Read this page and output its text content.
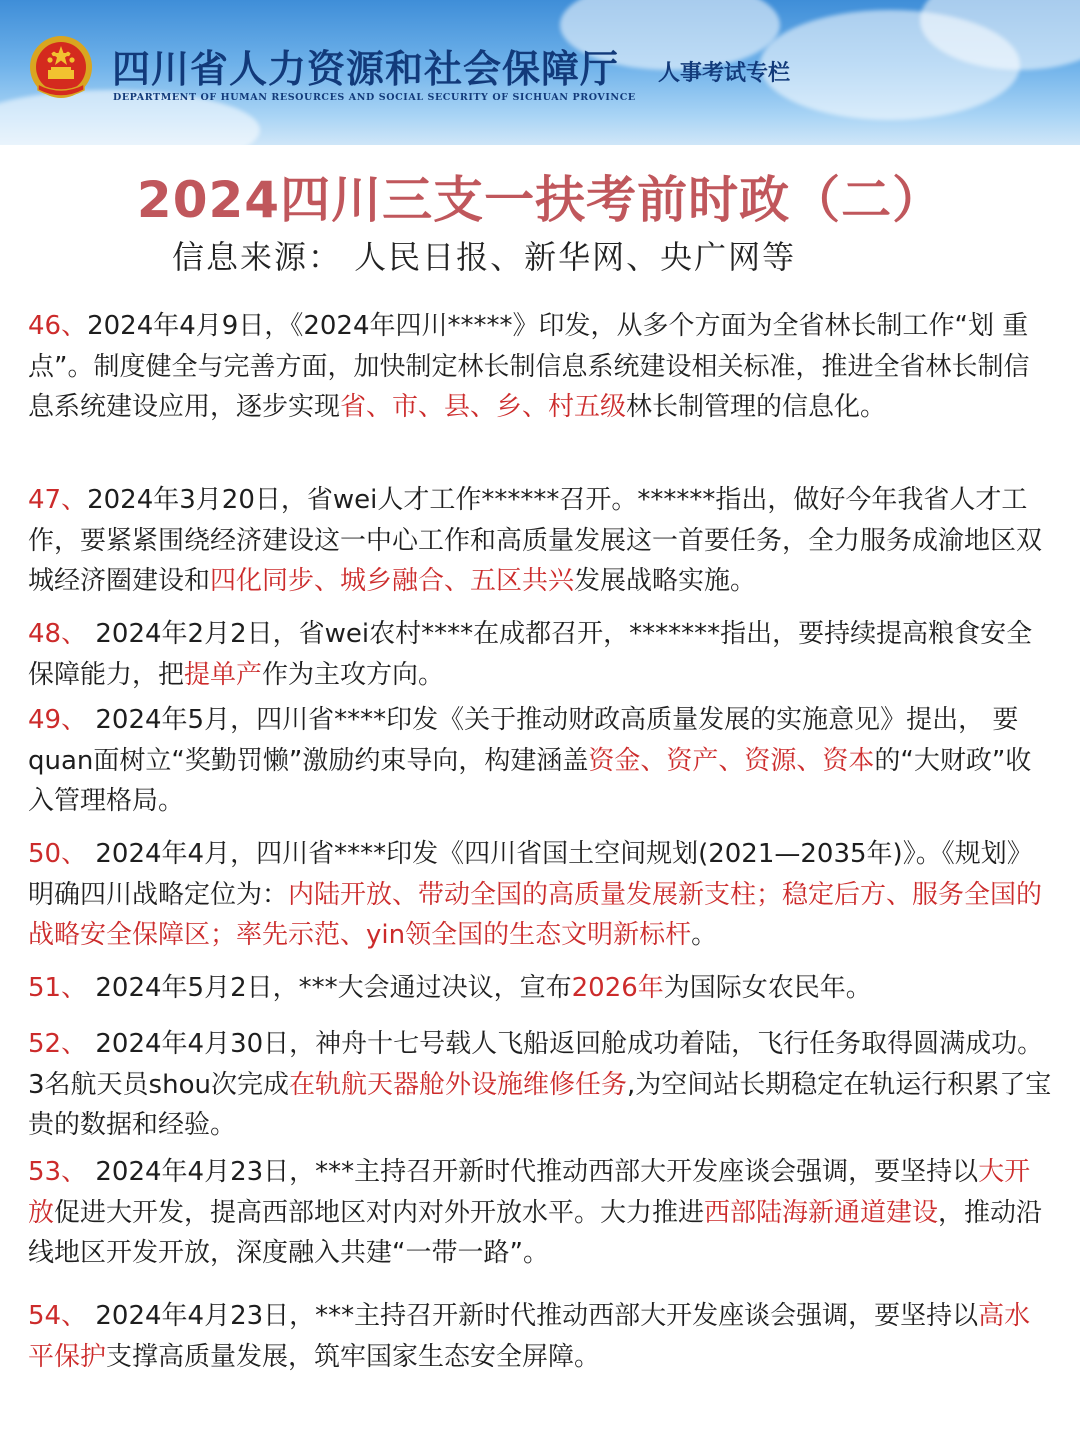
四川省人力资源和社会保障厅
DEPARTMENT OF HUMAN RESOURCES AND SOCIAL SECURITY OF SICHUAN PROVINCE
人事考试专栏
2024四川三支一扶考前时政（二）
信息来源： 人民日报、新华网、央广网等
46、2024年4月9日，《2024年四川*****》印发，从多个方面为全省林长制工作“划 重点”。制度健全与完善方面，加快制定林长制信息系统建设相关标准，推进全省林长制信息系统建设应用，逐步实现省、市、县、乡、村五级林长制管理的信息化。
47、2024年3月20日，省wei人才工作******召开。******指出，做好今年我省人才工作，要紧紧围绕经济建设这一中心工作和高质量发展这一首要任务，全力服务成渝地区双城经济圈建设和四化同步、城乡融合、五区共兴发展战略实施。
48、 2024年2月2日，省wei农村****在成都召开，*******指出，要持续提高粮食安全保障能力，把提单产作为主攻方向。
49、 2024年5月，四川省****印发《关于推动财政高质量发展的实施意见》提出， 要quan面树立“奖勤罚懒”激励约束导向，构建涵盖资金、资产、资源、资本的“大财政”收入管理格局。
50、 2024年4月，四川省****印发《四川省国土空间规划(2021—2035年)》。《规划》 明确四川战略定位为：内陆开放、带动全国的高质量发展新支柱；稳定后方、服务全国的战略安全保障区；率先示范、yin领全国的生态文明新标杆。
51、 2024年5月2日，***大会通过决议，宣布2026年为国际女农民年。
52、 2024年4月30日，神舟十七号载人飞船返回舱成功着陆，飞行任务取得圆满成功。3名航天员shou次完成在轨航天器舱外设施维修任务,为空间站长期稳定在轨运行积累了宝贵的数据和经验。
53、 2024年4月23日，***主持召开新时代推动西部大开发座谈会强调，要坚持以大开放促进大开发，提高西部地区对内对外开放水平。大力推进西部陆海新通道建设，推动沿线地区开发开放，深度融入共建“一带一路”。
54、 2024年4月23日，***主持召开新时代推动西部大开发座谈会强调，要坚持以高水平保护支撑高质量发展，筑牢国家生态安全屏障。
